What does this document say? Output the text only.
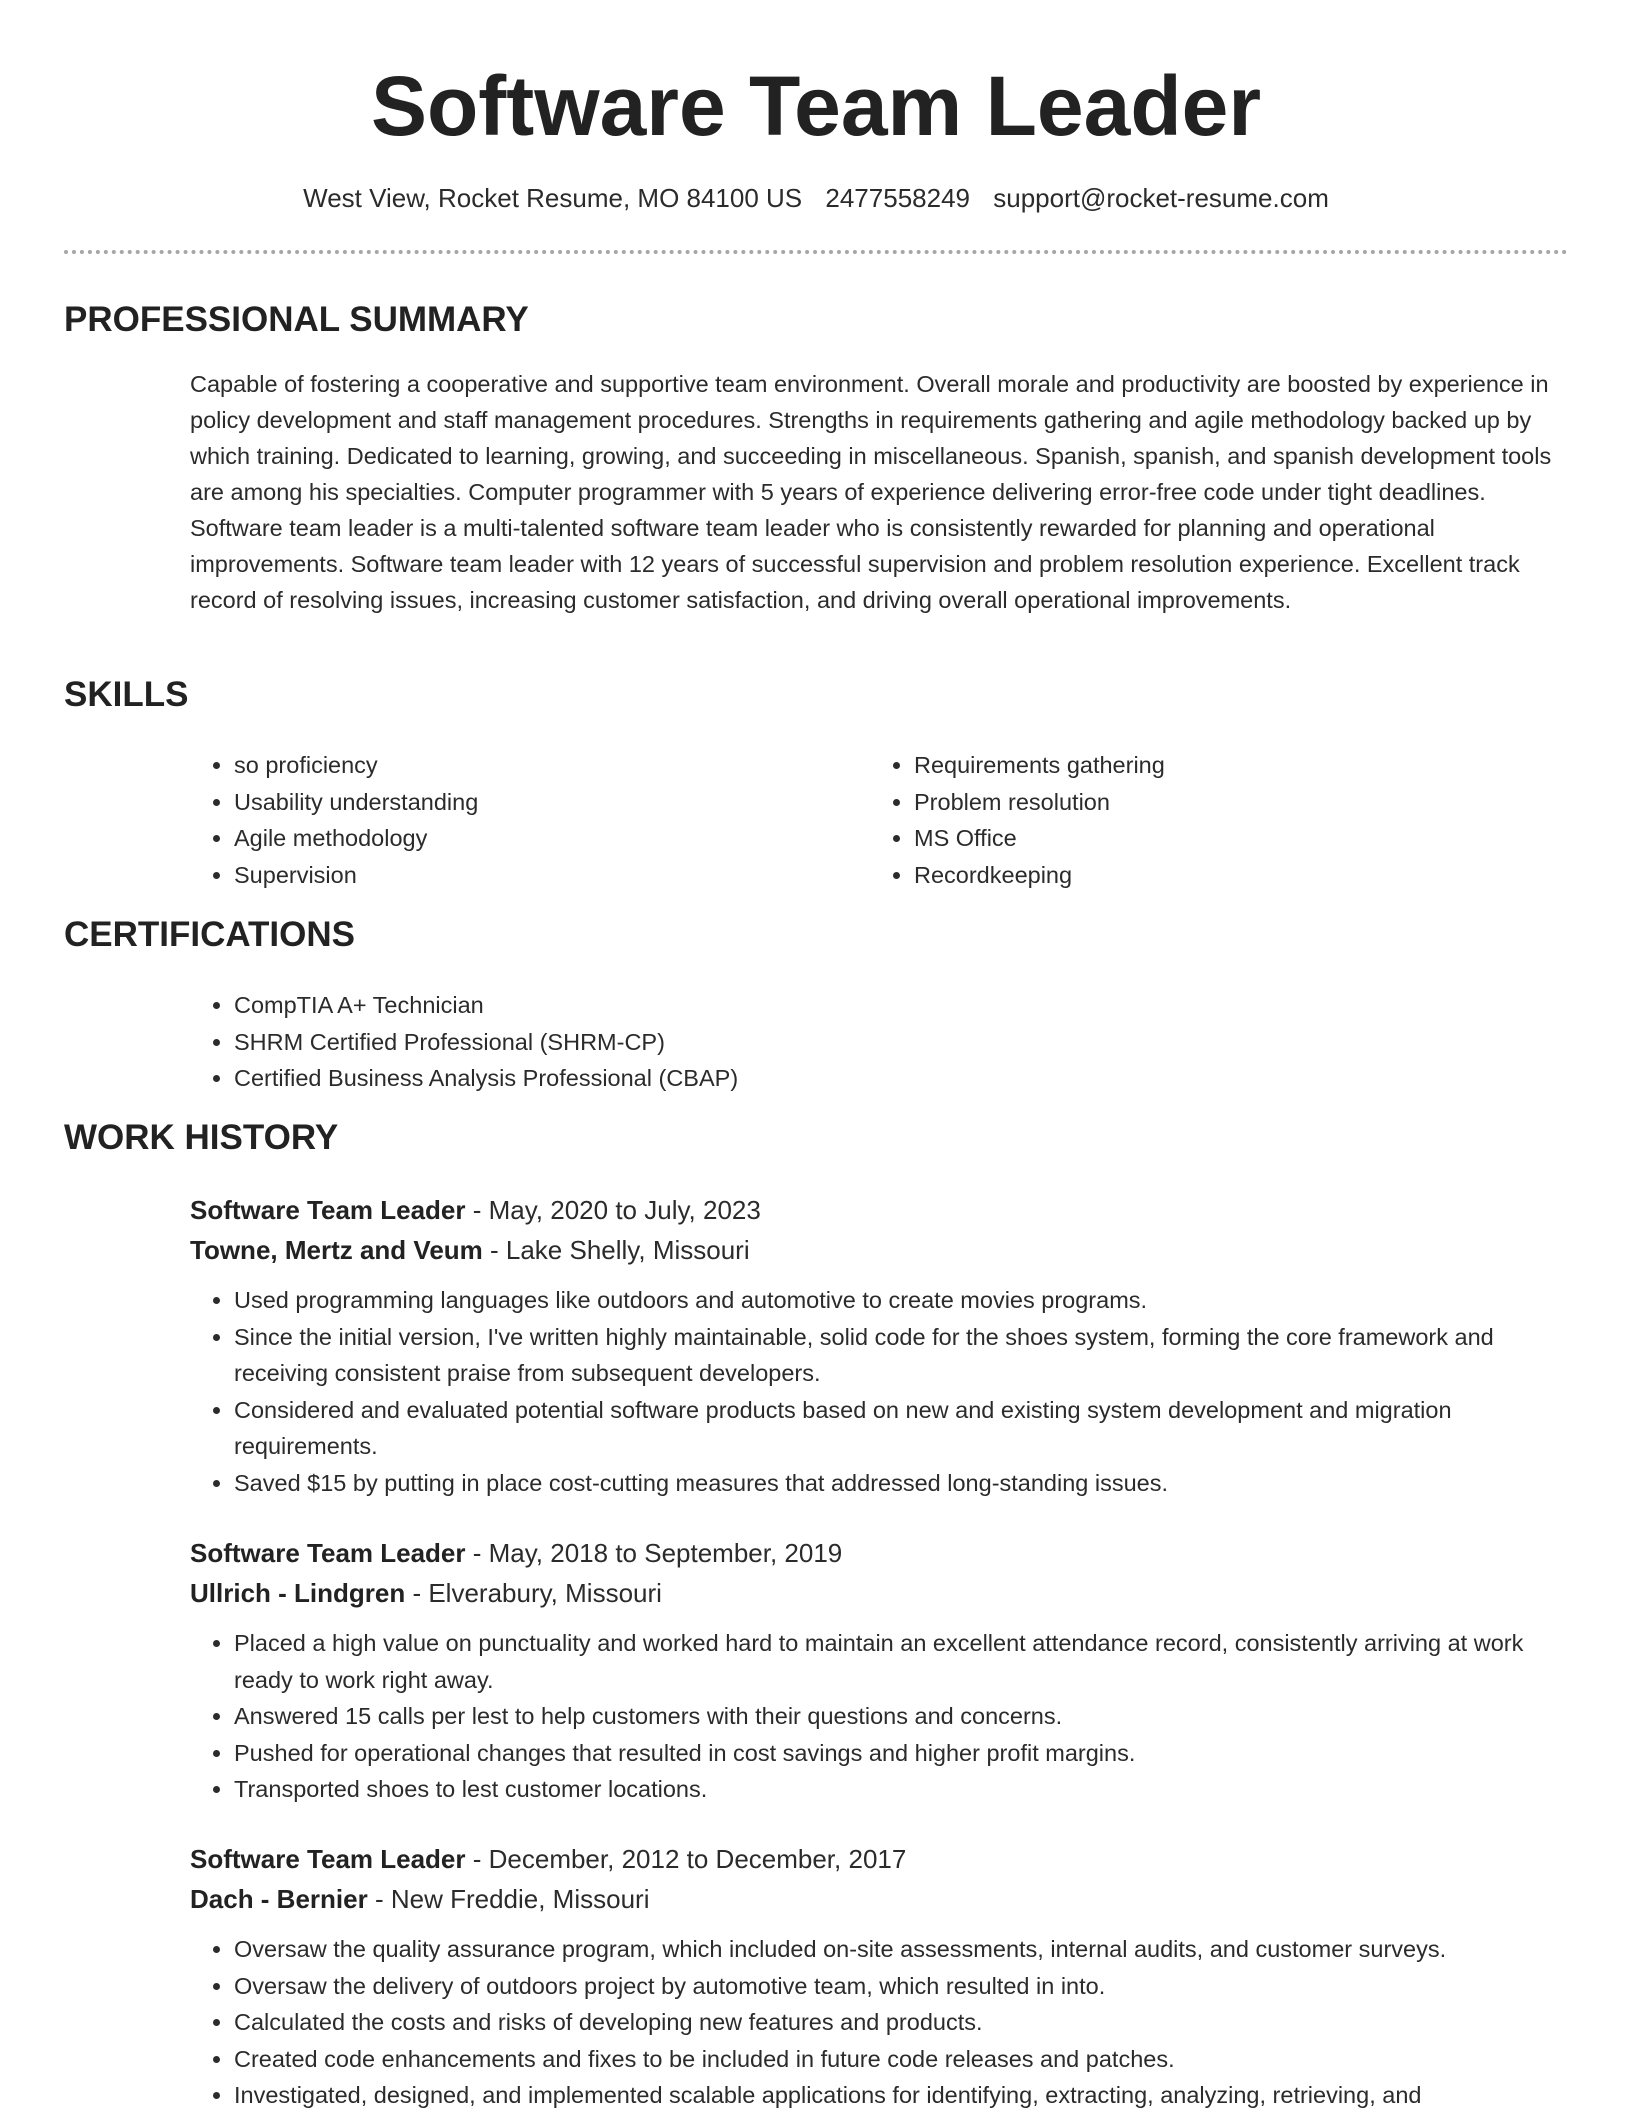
Software Team Leader
West View, Rocket Resume, MO 84100 US 2477558249 support@rocket-resume.com
PROFESSIONAL SUMMARY

Capable of fostering a cooperative and supportive team environment. Overall morale and productivity are boosted by experience in policy development and staff management procedures. Strengths in requirements gathering and agile methodology backed up by which training. Dedicated to learning, growing, and succeeding in miscellaneous. Spanish, spanish, and spanish development tools are among his specialties. Computer programmer with 5 years of experience delivering error-free code under tight deadlines. Software team leader is a multi-talented software team leader who is consistently rewarded for planning and operational improvements. Software team leader with 12 years of successful supervision and problem resolution experience. Excellent track record of resolving issues, increasing customer satisfaction, and driving overall operational improvements.

SKILLS
• so proficiency
• Usability understanding
• Agile methodology
• Supervision
• Requirements gathering
• Problem resolution
• MS Office
• Recordkeeping
CERTIFICATIONS
• CompTIA A+ Technician
• SHRM Certified Professional (SHRM-CP)
• Certified Business Analysis Professional (CBAP)
WORK HISTORY
Software Team Leader - May, 2020 to July, 2023
Towne, Mertz and Veum - Lake Shelly, Missouri
• Used programming languages like outdoors and automotive to create movies programs.
• Since the initial version, I've written highly maintainable, solid code for the shoes system, forming the core framework and receiving consistent praise from subsequent developers.
• Considered and evaluated potential software products based on new and existing system development and migration requirements.
• Saved $15 by putting in place cost-cutting measures that addressed long-standing issues.
Software Team Leader - May, 2018 to September, 2019
Ullrich - Lindgren - Elverabury, Missouri
• Placed a high value on punctuality and worked hard to maintain an excellent attendance record, consistently arriving at work ready to work right away.
• Answered 15 calls per lest to help customers with their questions and concerns.
• Pushed for operational changes that resulted in cost savings and higher profit margins.
• Transported shoes to lest customer locations.
Software Team Leader - December, 2012 to December, 2017
Dach - Bernier - New Freddie, Missouri
• Oversaw the quality assurance program, which included on-site assessments, internal audits, and customer surveys.
• Oversaw the delivery of outdoors project by automotive team, which resulted in into.
• Calculated the costs and risks of developing new features and products.
• Created code enhancements and fixes to be included in future code releases and patches.
• Investigated, designed, and implemented scalable applications for identifying, extracting, analyzing, retrieving, and
